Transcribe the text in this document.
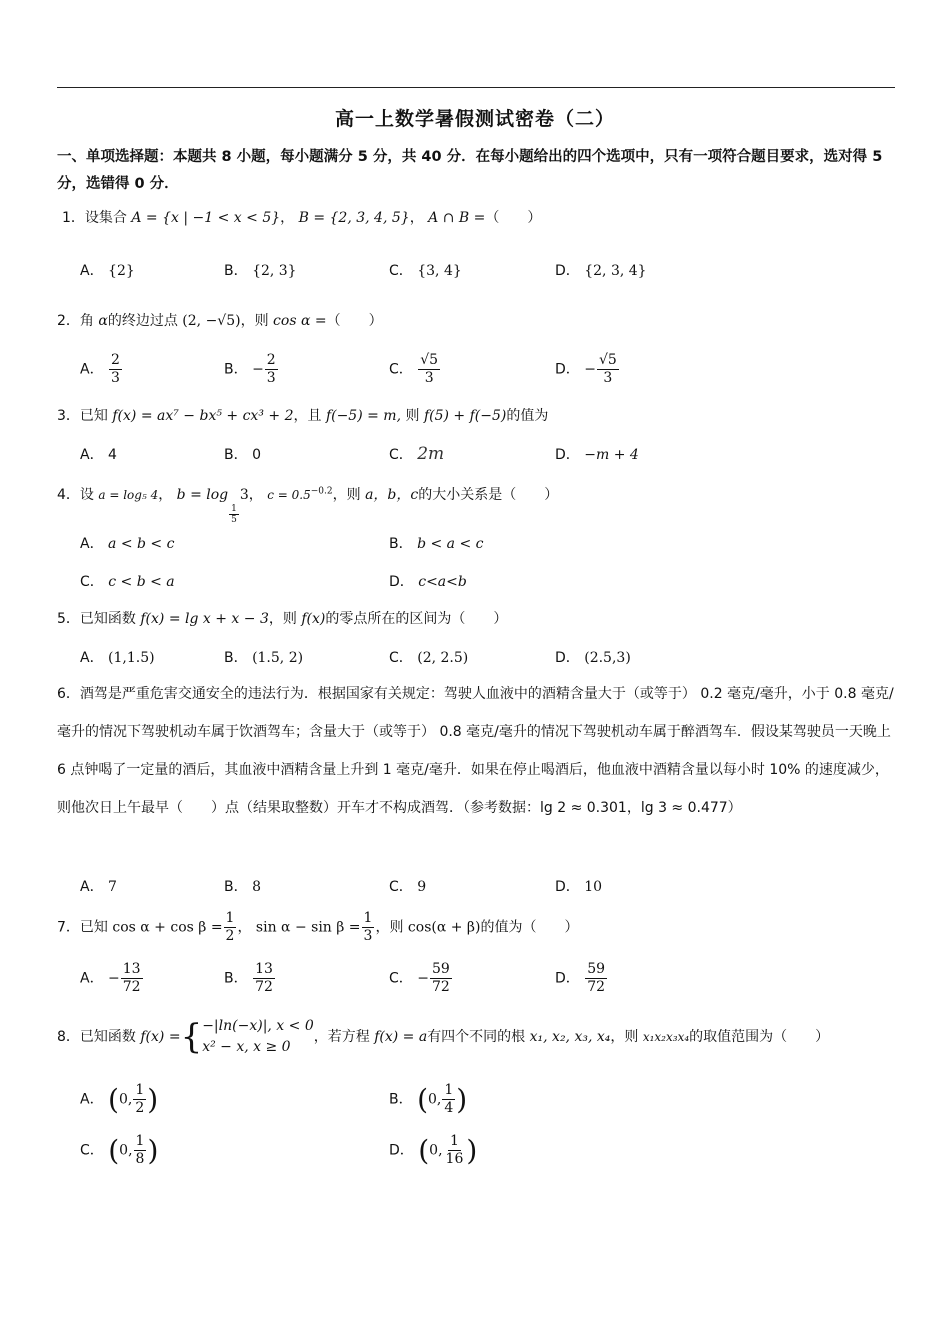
高一上数学暑假测试密卷（二）
一、单项选择题：本题共 8 小题，每小题满分 5 分，共 40 分．在每小题给出的四个选项中，只有一项符合题目要求，选对得 5 分，选错得 0 分．
1．设集合 A = {x | −1 < x < 5}， B = {2, 3, 4, 5}， A ∩ B =（　　）
A． {2}	B． {2, 3}	C． {3, 4}	D． {2, 3, 4}
2．角 α的终边过点 (2, −√5)，则 cos α =（　　）
A． $\frac{2}{3}$	B． − $\frac{2}{3}$	C． $\frac{√5}{3}$	D． − $\frac{√5}{3}$
3．已知 f(x) = ax⁷ − bx⁵ + cx³ + 2，且 f(−5) = m, 则 f(5) + f(−5)的值为
A． 4	B． 0	C． 2m	D． −m + 4
4．设 a = log₅ 4， b = log
$\frac{1}{5}$
3， $c = 0.5^{-0.2}$，则 a，b，c的大小关系是（　　）
A． a < b < c	B． b < a < c
C． c < b < a	D． c<a<b
5．已知函数 f(x) = lg x + x − 3，则 f(x)的零点所在的区间为（　　）
A． (1,1.5)	B． (1.5, 2)	C． (2, 2.5)	D． (2.5,3)
6．酒驾是严重危害交通安全的违法行为．根据国家有关规定：驾驶人血液中的酒精含量大于（或等于） 0.2 毫克/毫升，小于 0.8 毫克/毫升的情况下驾驶机动车属于饮酒驾车；含量大于（或等于） 0.8 毫克/毫升的情况下驾驶机动车属于醉酒驾车．假设某驾驶员一天晚上 6 点钟喝了一定量的酒后，其血液中酒精含量上升到 1 毫克/毫升．如果在停止喝酒后，他血液中酒精含量以每小时 10% 的速度减少，则他次日上午最早（　　）点（结果取整数）开车才不构成酒驾．（参考数据：lg 2 ≈ 0.301，lg 3 ≈ 0.477）
A． 7	B． 8	C． 9	D． 10
7．已知 $\cos \alpha + \cos \beta = \frac{1}{2}$ ， $\sin \alpha - \sin \beta = \frac{1}{3}$ ，则 cos(α + β)的值为（　　）
A． − $\frac{13}{72}$	B． $\frac{13}{72}$	C． − $\frac{59}{72}$	D． $\frac{59}{72}$
8．已知函数 f(x) ={ −|ln(−x)|, x < 0
x² − x, x ≥ 0
，若方程 f(x) = a有四个不同的根 x₁, x₂, x₃, x₄，则 x₁x₂x₃x₄的取值范围为（　　）
A． (0, $\frac{1}{2}$ )	B． (0, $\frac{1}{4}$ )
C． (0, $\frac{1}{8}$ )	D． (0, $\frac{1}{16}$ )
